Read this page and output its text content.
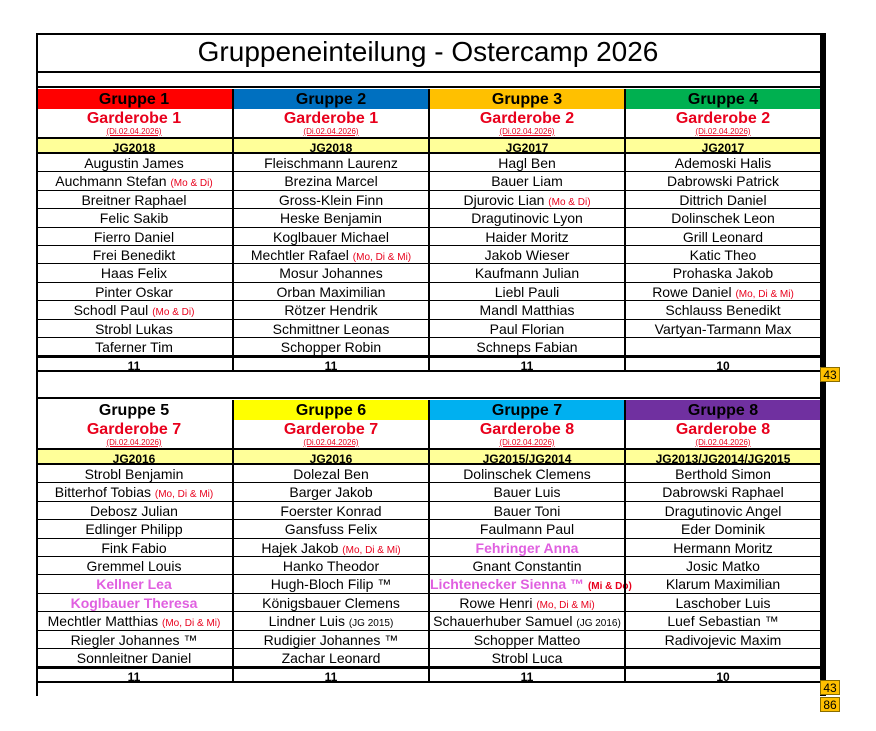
Gruppeneinteilung - Ostercamp 2026
Gruppe 1
Garderobe 1
(Di.02.04.2026)
JG2018
Augustin James
Auchmann Stefan (Mo & Di)
Breitner Raphael
Felic Sakib
Fierro Daniel
Frei Benedikt
Haas Felix
Pinter Oskar
Schodl Paul (Mo & Di)
Strobl Lukas
Taferner Tim
11
Gruppe 2
Garderobe 1
(Di.02.04.2026)
JG2018
Fleischmann Laurenz
Brezina Marcel
Gross-Klein Finn
Heske Benjamin
Koglbauer Michael
Mechtler Rafael (Mo, Di & Mi)
Mosur Johannes
Orban Maximilian
Rötzer Hendrik
Schmittner Leonas
Schopper Robin
11
Gruppe 3
Garderobe 2
(Di.02.04.2026)
JG2017
Hagl Ben
Bauer Liam
Djurovic Lian (Mo & Di)
Dragutinovic Lyon
Haider Moritz
Jakob Wieser
Kaufmann Julian
Liebl Pauli
Mandl Matthias
Paul Florian
Schneps Fabian
11
Gruppe 4
Garderobe 2
(Di.02.04.2026)
JG2017
Ademoski Halis
Dabrowski Patrick
Dittrich Daniel
Dolinschek Leon
Grill Leonard
Katic Theo
Prohaska Jakob
Rowe Daniel (Mo, Di & Mi)
Schlauss Benedikt
Vartyan-Tarmann Max
10
Gruppe 5
Garderobe 7
(Di.02.04.2026)
JG2016
Strobl Benjamin
Bitterhof Tobias (Mo, Di & Mi)
Debosz Julian
Edlinger Philipp
Fink Fabio
Gremmel Louis
Kellner Lea
Koglbauer Theresa
Mechtler Matthias (Mo, Di & Mi)
Riegler Johannes ™
Sonnleitner Daniel
11
Gruppe 6
Garderobe 7
(Di.02.04.2026)
JG2016
Dolezal Ben
Barger Jakob
Foerster Konrad
Gansfuss Felix
Hajek Jakob (Mo, Di & Mi)
Hanko Theodor
Hugh-Bloch Filip ™
Königsbauer Clemens
Lindner Luis (JG 2015)
Rudigier Johannes ™
Zachar Leonard
11
Gruppe 7
Garderobe 8
(Di.02.04.2026)
JG2015/JG2014
Dolinschek Clemens
Bauer Luis
Bauer Toni
Faulmann Paul
Fehringer Anna
Gnant Constantin
Lichtenecker Sienna ™ (Mi & Do)
Rowe Henri (Mo, Di & Mi)
Schauerhuber Samuel (JG 2016)
Schopper Matteo
Strobl Luca
11
Gruppe 8
Garderobe 8
(Di.02.04.2026)
JG2013/JG2014/JG2015
Berthold Simon
Dabrowski Raphael
Dragutinovic Angel
Eder Dominik
Hermann Moritz
Josic Matko
Klarum Maximilian
Laschober Luis
Luef Sebastian ™
Radivojevic Maxim
10
43
43
86
